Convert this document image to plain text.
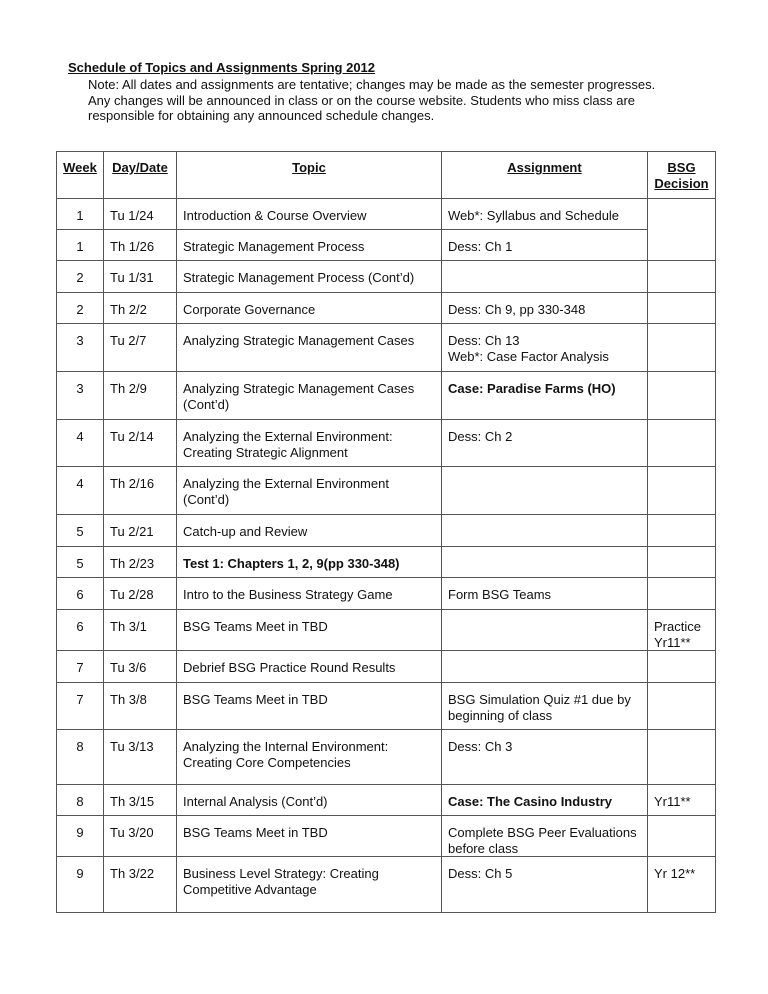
Schedule of Topics and Assignments Spring 2012
Note: All dates and assignments are tentative; changes may be made as the semester progresses. Any changes will be announced in class or on the course website. Students who miss class are responsible for obtaining any announced schedule changes.
Week	Day/Date	Topic	Assignment	BSG Decision
1	Tu 1/24	Introduction & Course Overview	Web*: Syllabus and Schedule	
1	Th 1/26	Strategic Management Process	Dess: Ch 1	
2	Tu 1/31	Strategic Management Process (Cont’d)		
2	Th 2/2	Corporate Governance	Dess: Ch 9, pp 330-348	
3	Tu 2/7	Analyzing Strategic Management Cases	Dess: Ch 13
Web*: Case Factor Analysis	

3	Th 2/9	Analyzing Strategic Management Cases (Cont’d)	Case: Paradise Farms (HO)	
4	Tu 2/14	Analyzing the External Environment: Creating Strategic Alignment	Dess: Ch 2	
4	Th 2/16	Analyzing the External Environment (Cont’d)		
5	Tu 2/21	Catch-up and Review		
5	Th 2/23	Test 1: Chapters 1, 2, 9(pp 330-348)		
6	Tu 2/28	Intro to the Business Strategy Game	Form BSG Teams	
6	Th 3/1	BSG Teams Meet in TBD		Practice Yr11**
7	Tu 3/6	Debrief BSG Practice Round Results		
7	Th 3/8	BSG Teams Meet in TBD	BSG Simulation Quiz #1 due by beginning of class	
8	Tu 3/13	Analyzing the Internal Environment: Creating Core Competencies	Dess: Ch 3	
8	Th 3/15	Internal Analysis (Cont’d)	Case: The Casino Industry	Yr11**
9	Tu 3/20	BSG Teams Meet in TBD	Complete BSG Peer Evaluations before class	
9	Th 3/22	Business Level Strategy: Creating Competitive Advantage	Dess: Ch 5	Yr 12**
